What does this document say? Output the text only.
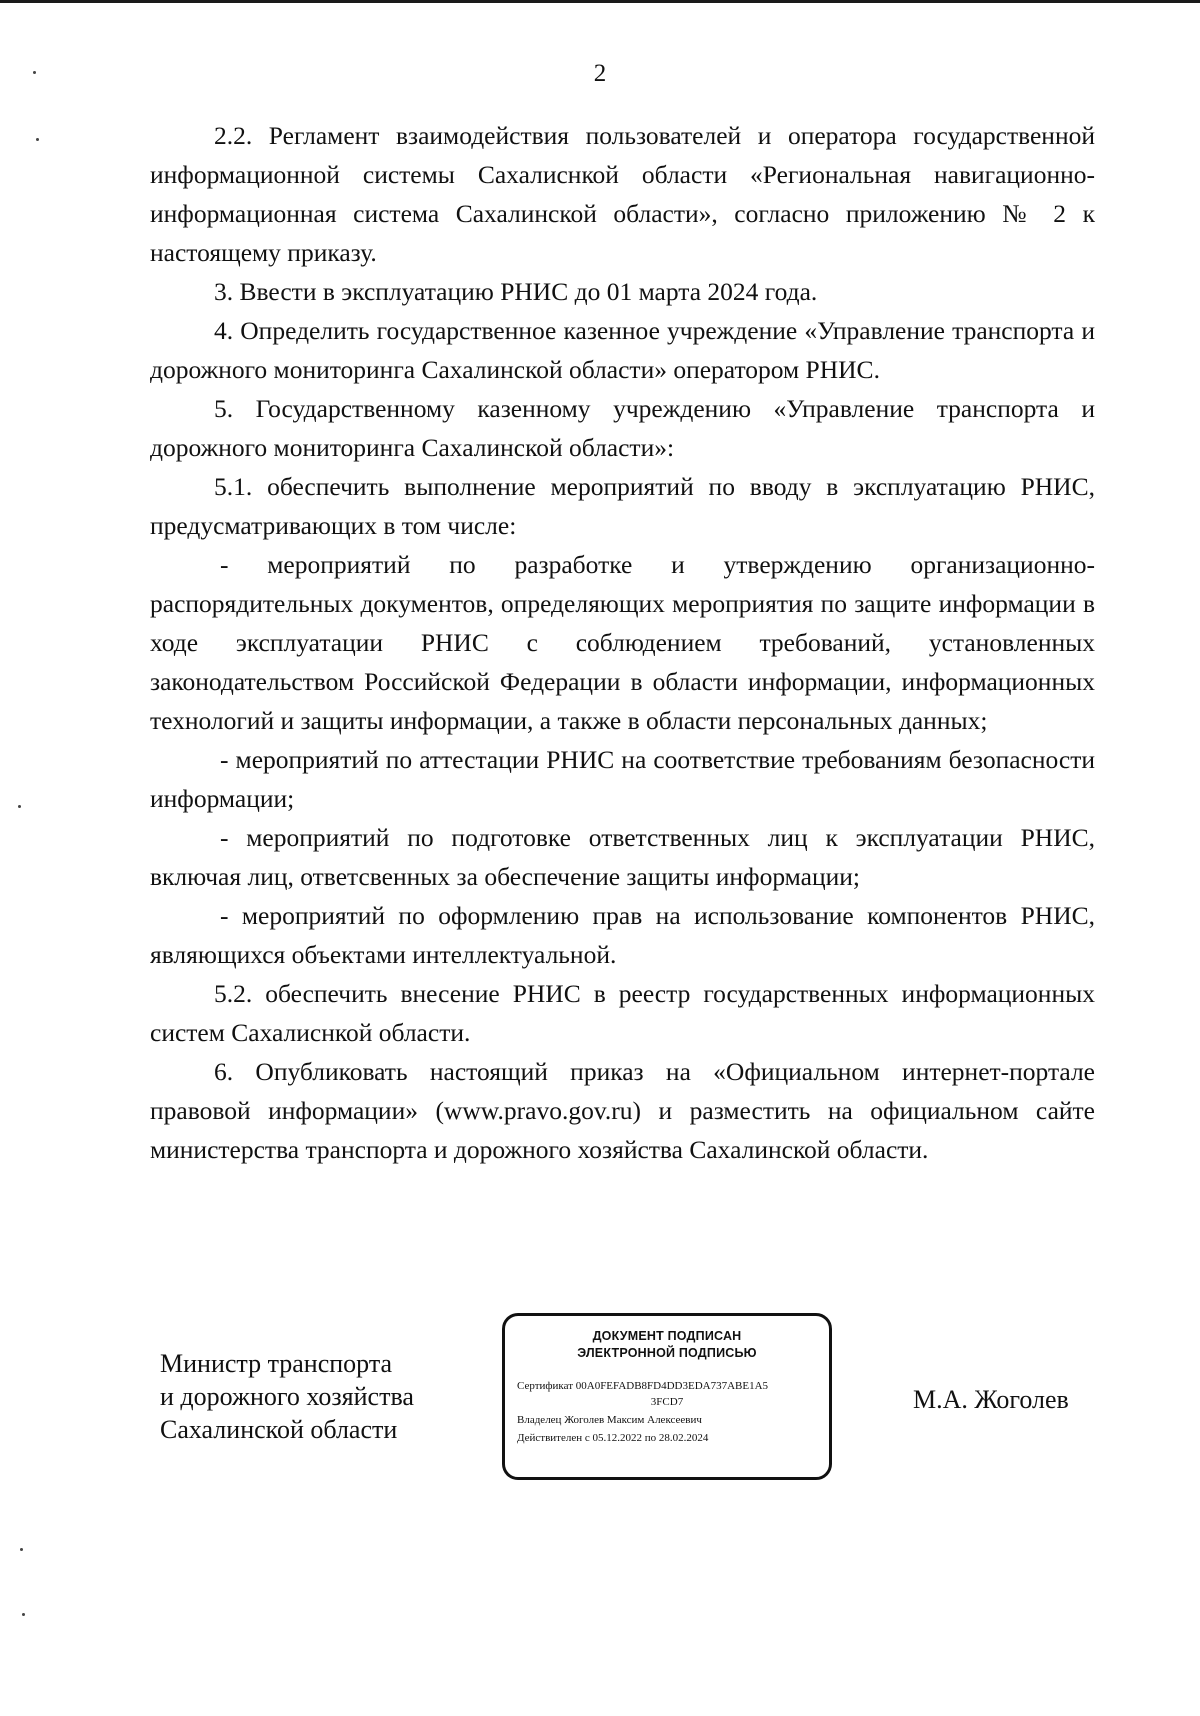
2

2.2. Регламент взаимодействия пользователей и оператора государственной информационной системы Сахалиснкой области «Региональная навигационно-информационная система Сахалинской области», согласно приложению № 2 к настоящему приказу.

3. Ввести в эксплуатацию РНИС до 01 марта 2024 года.

4. Определить государственное казенное учреждение «Управление транспорта и дорожного мониторинга Сахалинской области» оператором РНИС.

5. Государственному казенному учреждению «Управление транспорта и дорожного мониторинга Сахалинской области»:

5.1. обеспечить выполнение мероприятий по вводу в эксплуатацию РНИС, предусматривающих в том числе:

- мероприятий по разработке и утверждению организационно-распорядительных документов, определяющих мероприятия по защите информации в ходе эксплуатации РНИС с соблюдением требований, установленных законодательством Российской Федерации в области информации, информационных технологий и защиты информации, а также в области персональных данных;

- мероприятий по аттестации РНИС на соответствие требованиям безопасности информации;

- мероприятий по подготовке ответственных лиц к эксплуатации РНИС, включая лиц, ответсвенных за обеспечение защиты информации;

- мероприятий по оформлению прав на использование компонентов РНИС, являющихся объектами интеллектуальной.

5.2. обеспечить внесение РНИС в реестр государственных информационных систем Сахалиснкой области.

6. Опубликовать настоящий приказ на «Официальном интернет-портале правовой информации» (www.pravo.gov.ru) и разместить на официальном сайте министерства транспорта и дорожного хозяйства Сахалинской области.

Министр транспорта
и дорожного хозяйства
Сахалинской области
ДОКУМЕНТ ПОДПИСАН
ЭЛЕКТРОННОЙ ПОДПИСЬЮ
Сертификат 00A0FEFADB8FD4DD3EDA737ABE1A5
3FCD7
Владелец Жоголев Максим Алексеевич
Действителен с 05.12.2022 по 28.02.2024
М.А. Жоголев
